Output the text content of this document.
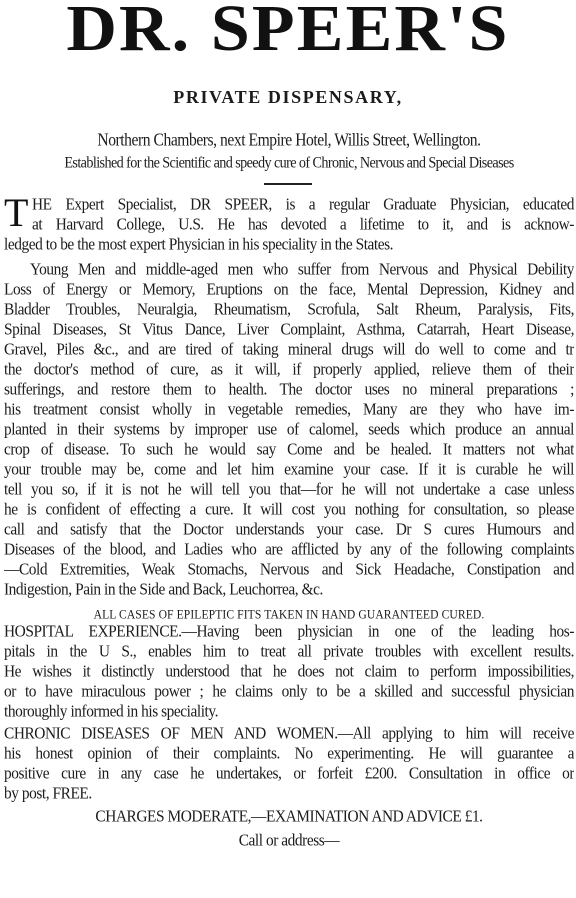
DR. SPEER'S
PRIVATE DISPENSARY,
Northern Chambers, next Empire Hotel, Willis Street, Wellington.
Established for the Scientific and speedy cure of Chronic, Nervous and Special Diseases
T HE Expert Specialist, DR SPEER, is a regular Graduate Physician, educated
at Harvard College, U.S. He has devoted a lifetime to it, and is acknow-
ledged to be the most expert Physician in his speciality in the States.
Young Men and middle-aged men who suffer from Nervous and Physical Debility
Loss of Energy or Memory, Eruptions on the face, Mental Depression, Kidney and
Bladder Troubles, Neuralgia, Rheumatism, Scrofula, Salt Rheum, Paralysis, Fits,
Spinal Diseases, St Vitus Dance, Liver Complaint, Asthma, Catarrah, Heart Disease,
Gravel, Piles &c., and are tired of taking mineral drugs will do well to come and tr
the doctor's method of cure, as it will, if properly applied, relieve them of their
sufferings, and restore them to health. The doctor uses no mineral preparations ;
his treatment consist wholly in vegetable remedies, Many are they who have im-
planted in their systems by improper use of calomel, seeds which produce an annual
crop of disease. To such he would say Come and be healed. It matters not what
your trouble may be, come and let him examine your case. If it is curable he will
tell you so, if it is not he will tell you that—for he will not undertake a case unless
he is confident of effecting a cure. It will cost you nothing for consultation, so please
call and satisfy that the Doctor understands your case. Dr S cures Humours and
Diseases of the blood, and Ladies who are afflicted by any of the following complaints
—Cold Extremities, Weak Stomachs, Nervous and Sick Headache, Constipation and
Indigestion, Pain in the Side and Back, Leuchorrea, &c.
ALL CASES OF EPILEPTIC FITS TAKEN IN HAND GUARANTEED CURED.
HOSPITAL EXPERIENCE.—Having been physician in one of the leading hos-
pitals in the U S., enables him to treat all private troubles with excellent results.
He wishes it distinctly understood that he does not claim to perform impossibilities,
or to have miraculous power ; he claims only to be a skilled and successful physician
thoroughly informed in his speciality.
CHRONIC DISEASES OF MEN AND WOMEN.—All applying to him will receive
his honest opinion of their complaints. No experimenting. He will guarantee a
positive cure in any case he undertakes, or forfeit £200. Consultation in office or
by post, FREE.
CHARGES MODERATE,—EXAMINATION AND ADVICE £1.
Call or address—
